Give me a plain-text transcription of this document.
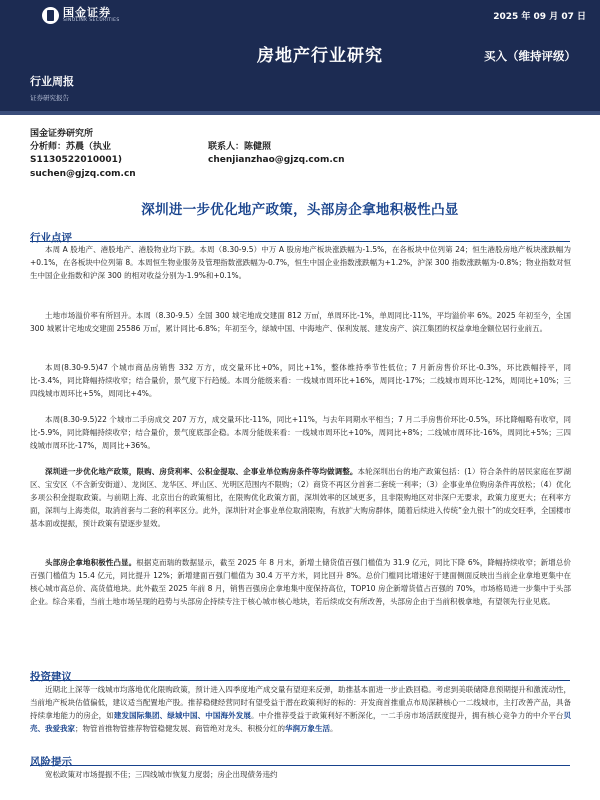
国金证券
SINOLINK SECURITIES	2025 年 09 月 07 日
房地产行业研究	买入（维持评级）
行业周报
证券研究报告
国金证券研究所
分析师：苏晨（执业
S1130522010001)
suchen@gjzq.com.cn
联系人：陈健照
chenjianzhao@gjzq.com.cn
深圳进一步优化地产政策，头部房企拿地积极性凸显
行业点评
本周 A 股地产、港股地产、港股物业均下跌。本周（8.30-9.5）中万 A 股房地产板块涨跌幅为-1.5%，在各板块中位列第 24；恒生港股房地产板块涨跌幅为+0.1%，在各板块中位列第 8。本周恒生物业服务及管理指数涨跌幅为-0.7%，恒生中国企业指数涨跌幅为+1.2%，沪深 300 指数涨跌幅为-0.8%；物业指数对恒生中国企业指数和沪深 300 的相对收益分别为-1.9%和+0.1%。
土地市场溢价率有所回升。本周（8.30-9.5）全国 300 城宅地成交建面 812 万㎡，单周环比-1%，单周同比-11%，平均溢价率 6%。2025 年初至今，全国 300 城累计宅地成交建面 25586 万㎡，累计同比-6.8%；年初至今，绿城中国、中海地产、保利发展、建发房产、滨江集团的权益拿地金额位居行业前五。
本周(8.30-9.5)47 个城市商品房销售 332 万方，成交量环比+0%，同比+1%，整体维持季节性低位；7 月新房售价环比-0.3%，环比跌幅持平，同比-3.4%，同比降幅持续收窄；结合量价，景气度下行趋缓。本周分能级来看：一线城市周环比+16%，周同比-17%；二线城市周环比-12%，周同比+10%；三四线城市周环比+5%，周同比+4%。
本周(8.30-9.5)22 个城市二手房成交 207 万方，成交量环比-11%，同比+11%，与去年同期水平相当；7 月二手房售价环比-0.5%，环比降幅略有收窄，同比-5.9%，同比降幅持续收窄；结合量价，景气度底部企稳。本周分能级来看：一线城市周环比+10%，周同比+8%；二线城市周环比-16%，周同比+5%；三四线城市周环比-17%，周同比+36%。
深圳进一步优化地产政策，限购、房贷利率、公积金提取、企事业单位购房条件等均做调整。本轮深圳出台的地产政策包括：(1）符合条件的居民家庭在罗湖区、宝安区（不含新安街道）、龙岗区、龙华区、坪山区、光明区范围内不限购；（2）商贷不再区分首套二套统一利率；（3）企事业单位购房条件再放松；（4）优化多项公积金提取政策。与前期上海、北京出台的政策相比，在限购优化政策方面，深圳效率的区域更多，且非限购地区对非深户无要求，政策力度更大；在利率方面，深圳与上海类似，取消首套与二套的利率区分。此外，深圳针对企事业单位取消限购，有放扩大购房群体，随着后续进入传统“金九银十”的成交旺季，全国楼市基本面或提振，预计政策有望逐步显效。
头部房企拿地积极性凸显。根据克而瑞的数据显示，截至 2025 年 8 月末，新增土储货值百强门槛值为 31.9 亿元，同比下降 6%，降幅持续收窄；新增总价百强门槛值为 15.4 亿元，同比提升 12%；新增建面百强门槛值为 30.4 万平方米，同比回升 8%。总价门槛同比增速好于建面侧面反映出当前企业拿地更集中在核心城市高总价、高货值地块。此外截至 2025 年前 8 月，销售百强房企拿地集中度保持高位，TOP10 房企新增货值占百强的 70%，市场格局进一步集中于头部企业。综合来看，当前土地市场呈现的趋势与头部房企持续专注于核心城市核心地块，若后续成交有所改善，头部房企由于当前积极拿地，有望领先行业见底。
投资建议
近期北上深等一线城市均落地优化限购政策，预计进入四季度地产成交量有望迎来反弹，助推基本面进一步止跌回稳。考虑到美联储降息预期提升和激流动性，当前地产板块估值偏低，建议适当配置地产股。推荐稳健经营同时有望受益于潜在政策利好的标的：开发商首推重点布局深耕核心一二线城市，主打改善产品，具备持续拿地能力的房企，如建发国际集团、绿城中国、中国海外发展。中介推荐受益于政策利好不断深化，一二手房市场活跃度提升，拥有核心竞争力的中介平台贝壳、我爱我家；物管首推物管推荐物管稳健发展、商管绝对龙头、积极分红的华润万象生活。
风险提示
宽松政策对市场提振不佳；三四线城市恢复力度弱；房企出现债务违约
